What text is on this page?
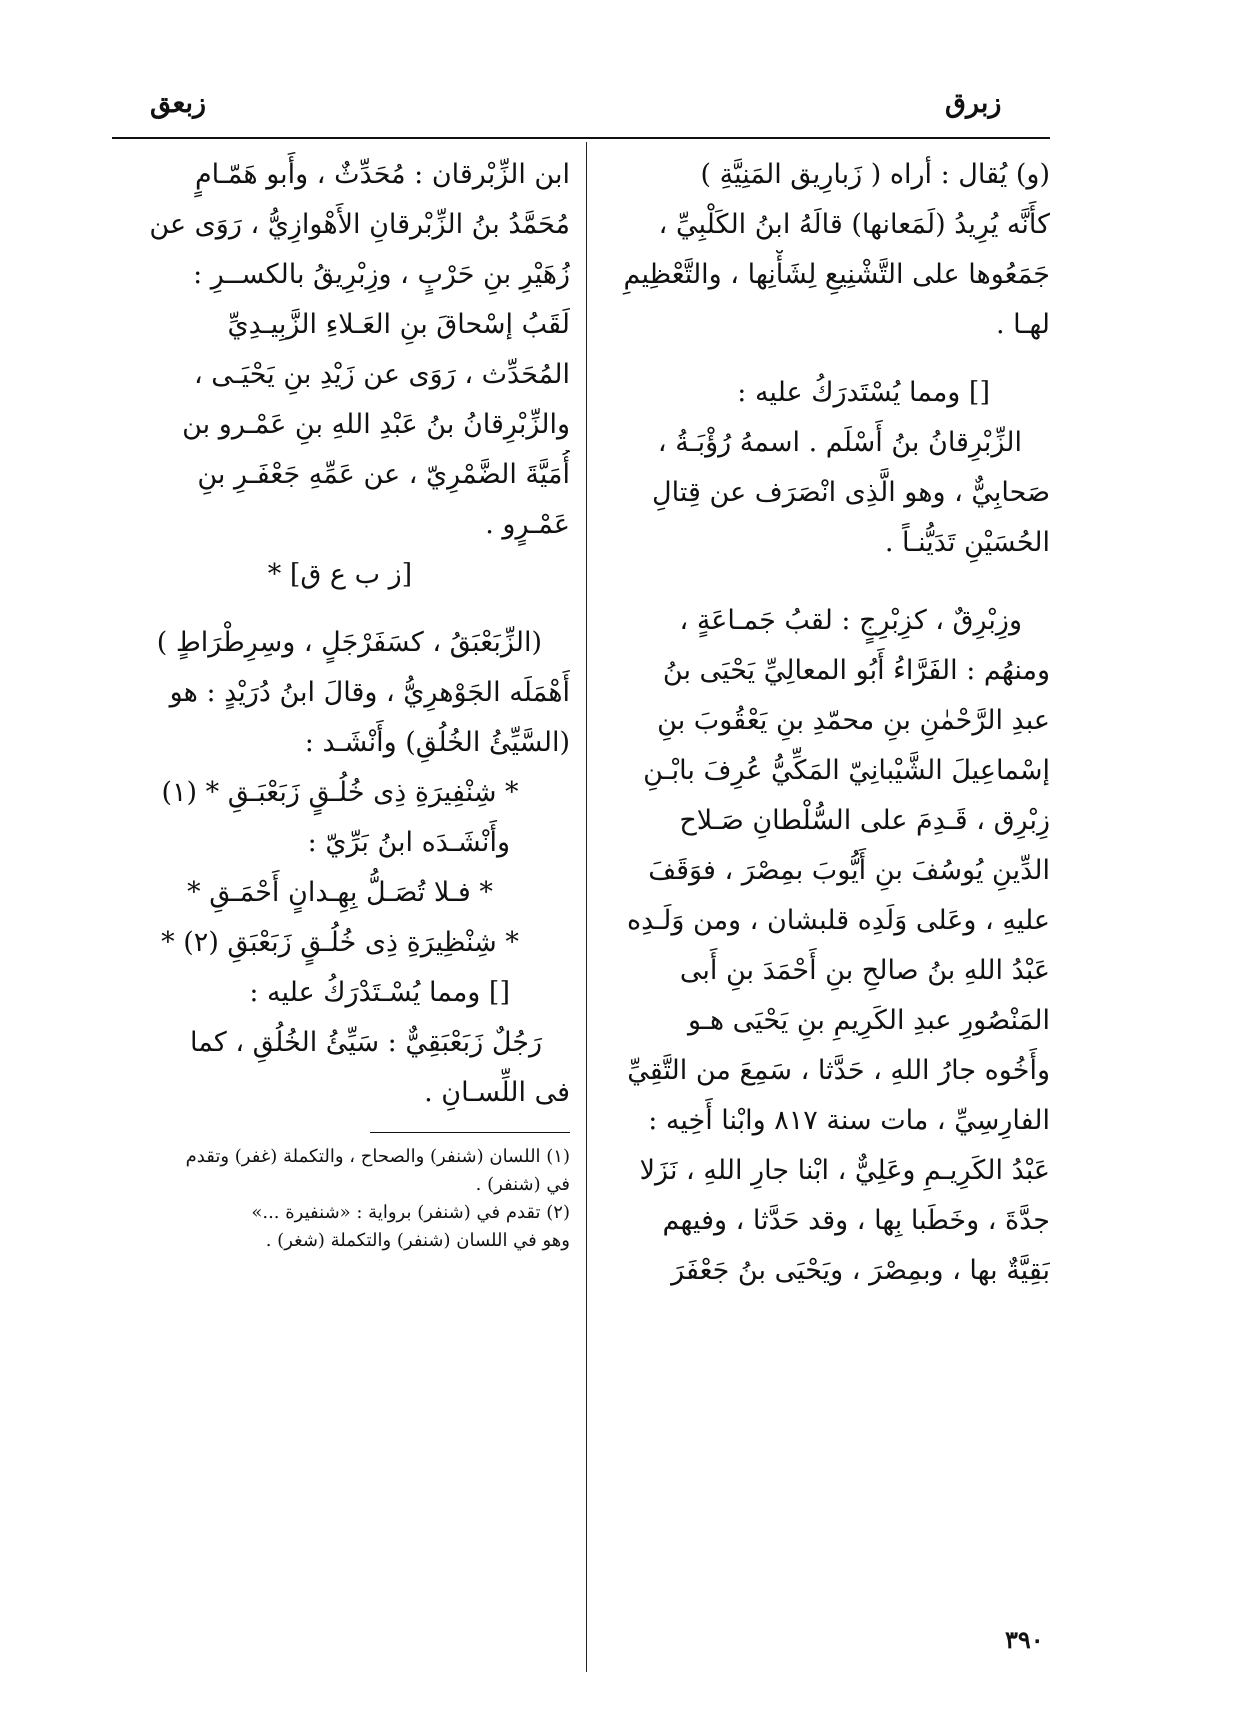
زبرق
زبعق
(و) يُقال : أراه ( زَبارِيق المَنِيَّةِ )
كأَنَّه يُرِيدُ (لَمَعانها) قالَهُ ابنُ الكَلْبِيِّ ،
جَمَعُوها على التَّشْنِيعِ لِشَأْنِها ، والتَّعْظِيمِ
لهـا .
[] ومما يُسْتَدرَكُ عليه :
الزِّبْرِقانُ بنُ أَسْلَم . اسمهُ رُؤْبَـةُ ،
صَحابِيٌّ ، وهو الَّذِى انْصَرَف عن قِتالِ
الحُسَيْنِ تَدَيُّنـاً .
وزِبْرِقٌ ، كزِبْرِجٍ : لقبُ جَمـاعَةٍ ،
ومنهُم : الفَرَّاءُ أَبُو المعالِيِّ يَحْيَى بنُ
عبدِ الرَّحْمٰنِ بنِ محمّدِ بنِ يَعْقُوبَ بنِ
إسْماعِيلَ الشَّيْبانِيّ المَكِّيُّ عُرِفَ بابْـنِ
زِبْرِق ، قَـدِمَ على السُّلْطانِ صَـلاح
الدِّينِ يُوسُفَ بنِ أَيُّوبَ بمِصْرَ ، فوَقَفَ
عليهِ ، وعَلى وَلَدِه قلبشان ، ومن وَلَـدِه
عَبْدُ اللهِ بنُ صالحِ بنِ أَحْمَدَ بنِ أَبى
المَنْصُورِ عبدِ الكَرِيمِ بنِ يَحْيَى هـو
وأَخُوه جارُ اللهِ ، حَدَّثا ، سَمِعَ من التَّقِيِّ
الفارِسِيِّ ، مات سنة ٨١٧ وابْنا أَخِيه :
عَبْدُ الكَرِيـمِ وعَلِيٌّ ، ابْنا جارِ اللهِ ، نَزَلا
جدَّةَ ، وخَطَبا بِها ، وقد حَدَّثا ، وفيهم
بَقِيَّةٌ بها ، وبمِصْرَ ، ويَحْيَى بنُ جَعْفَرَ
ابن الزِّبْرقان : مُحَدِّثٌ ، وأَبو هَمّـامٍ
مُحَمَّدُ بنُ الزِّبْرقانِ الأَهْوازِيُّ ، رَوَى عن
زُهَيْرِ بنِ حَرْبٍ ، وزِبْرِيقُ بالكســرِ :
لَقَبُ إسْحاقَ بنِ العَـلاءِ الزَّبِيـدِيِّ
المُحَدِّث ، رَوَى عن زَيْدِ بنِ يَحْيَـى ،
والزِّبْرِقانُ بنُ عَبْدِ اللهِ بنِ عَمْـرو بن
أُمَيَّةَ الضَّمْرِيّ ، عن عَمِّهِ جَعْفَـرِ بنِ
عَمْـرٍو .
[ز ب ع ق] *
(الزِّبَعْبَقُ ، كسَفَرْجَلٍ ، وسِرِطْرَاطٍ )
أَهْمَلَه الجَوْهرِيُّ ، وقالَ ابنُ دُرَيْدٍ : هو
(السَّيِّئُ الخُلُقِ) وأَنْشَـد :
* شِنْفِيرَةِ ذِى خُلُـقٍ زَبَعْبَـقِ * (١)
وأَنْشَـدَه ابنُ بَرِّيّ :
* فـلا تُصَـلُّ بِهِـدانٍ أَحْمَـقِ *
* شِنْظِيرَةِ ذِى خُلُـقٍ زَبَعْبَقِ (٢) *
[] ومما يُسْـتَدْرَكُ عليه :
رَجُلٌ زَبَعْبَقِيٌّ : سَيِّئُ الخُلُقِ ، كما
فى اللِّسـانِ .
(١) اللسان (شنفر) والصحاح ، والتكملة (غفر) وتقدم
في (شنفر) .
(٢) تقدم في (شنفر) برواية : «شنفيرة ...»
وهو في اللسان (شنفر) والتكملة (شغر) .
٣٩٠
